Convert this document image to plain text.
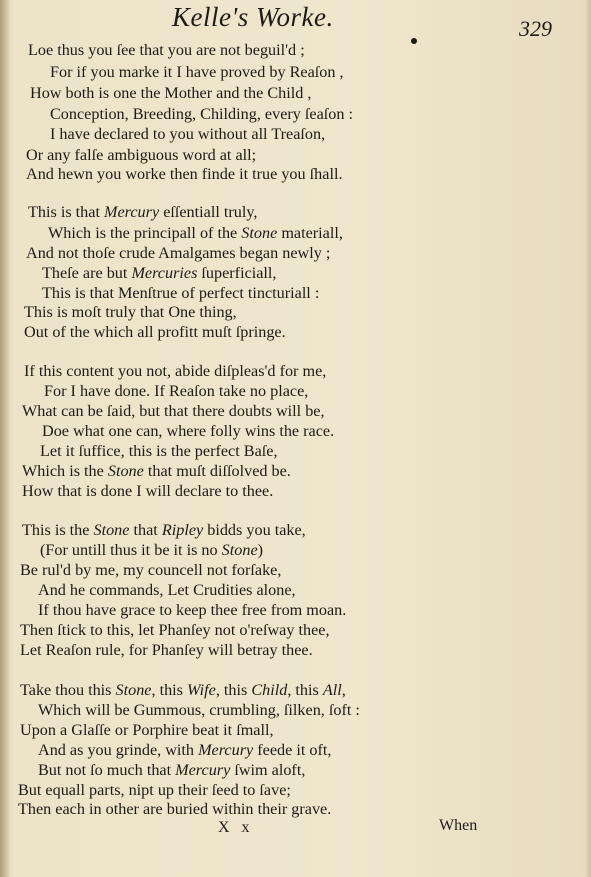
Kelle's Worke.	329
Loe thus you ſee that you are not beguil'd ;
For if you marke it I have proved by Reaſon ,
How both is one the Mother and the Child ,
Conception, Breeding, Childing, every ſeaſon :
I have declared to you without all Treaſon,
Or any falſe ambiguous word at all;
And hewn you worke then finde it true you ſhall.
This is that Mercury eſſentiall truly,
Which is the principall of the Stone materiall,
And not thoſe crude Amalgames began newly ;
Theſe are but Mercuries ſuperficiall,
This is that Menſtrue of perfect tincturiall :
This is moſt truly that One thing,
Out of the which all profitt muſt ſpringe.
If this content you not, abide diſpleas'd for me,
For I have done. If Reaſon take no place,
What can be ſaid, but that there doubts will be,
Doe what one can, where folly wins the race.
Let it ſuffice, this is the perfect Baſe,
Which is the Stone that muſt diſſolved be.
How that is done I will declare to thee.
This is the Stone that Ripley bidds you take,
(For untill thus it be it is no Stone)
Be rul'd by me, my councell not forſake,
And he commands, Let Crudities alone,
If thou have grace to keep thee free from moan.
Then ſtick to this, let Phanſey not o'reſway thee,
Let Reaſon rule, for Phanſey will betray thee.
Take thou this Stone, this Wife, this Child, this All,
Which will be Gummous, crumbling, ſilken, ſoft :
Upon a Glaſſe or Porphire beat it ſmall,
And as you grinde, with Mercury feede it oft,
But not ſo much that Mercury ſwim aloft,
But equall parts, nipt up their ſeed to ſave;
Then each in other are buried within their grave.
X x	When
